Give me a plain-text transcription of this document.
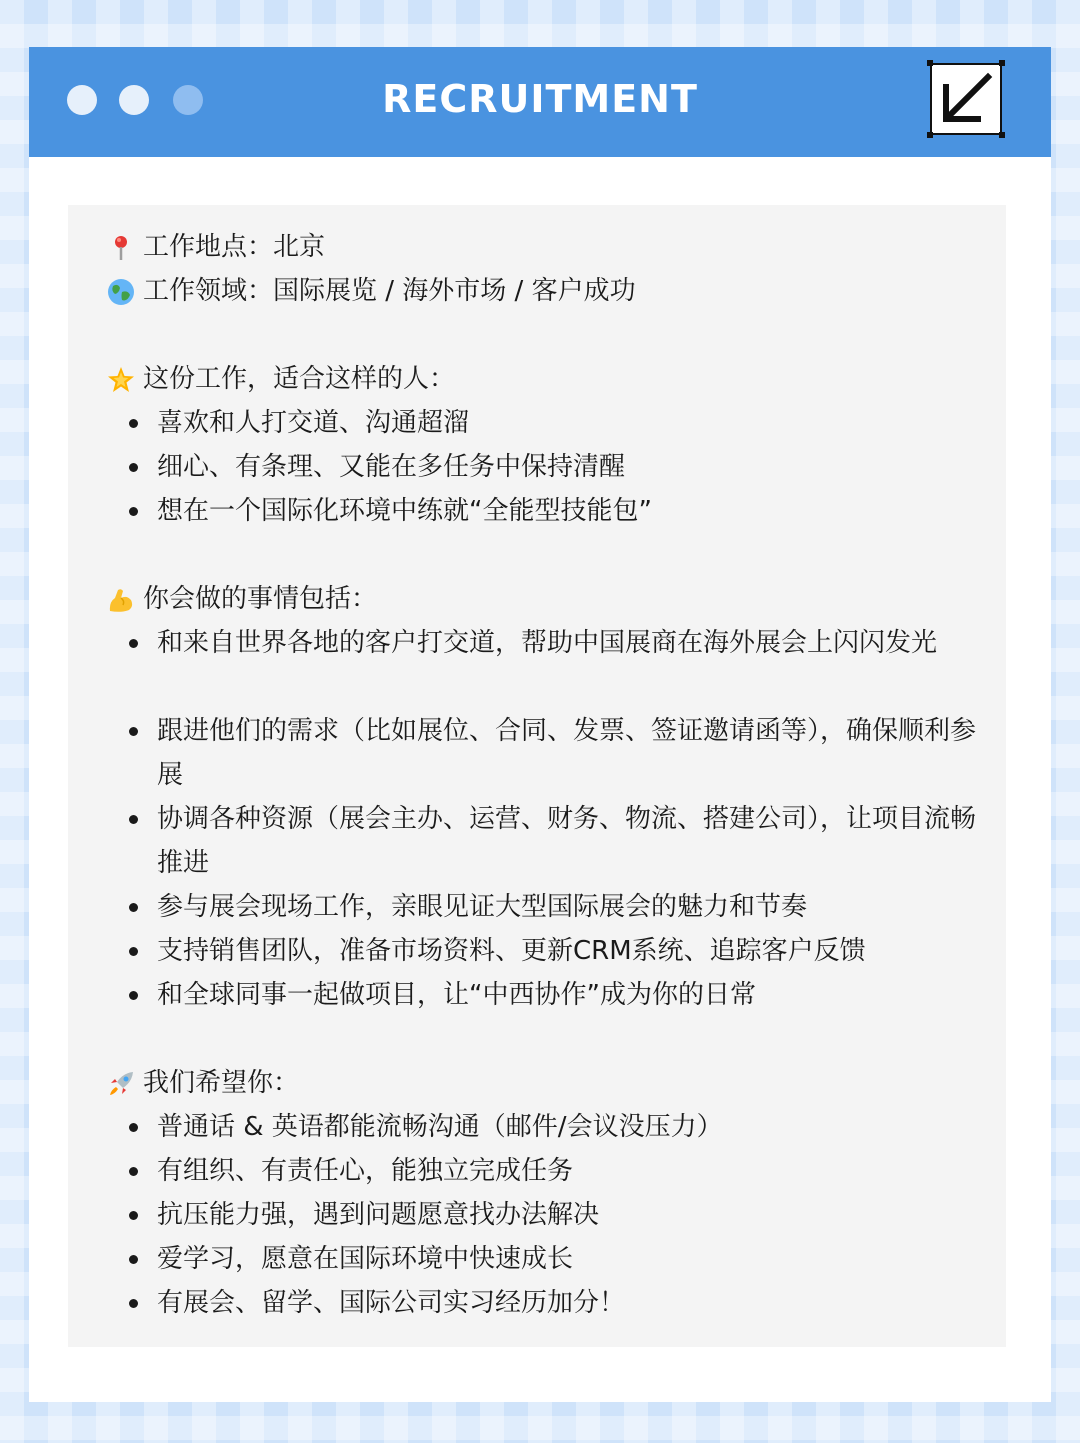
RECRUITMENT
工作地点：北京
工作领域：国际展览 / 海外市场 / 客户成功
这份工作，适合这样的人：
喜欢和人打交道、沟通超溜
细心、有条理、又能在多任务中保持清醒
想在一个国际化环境中练就“全能型技能包”
你会做的事情包括：
和来自世界各地的客户打交道，帮助中国展商在海外展会上闪闪发光
跟进他们的需求（比如展位、合同、发票、签证邀请函等），确保顺利参展
协调各种资源（展会主办、运营、财务、物流、搭建公司），让项目流畅推进
参与展会现场工作，亲眼见证大型国际展会的魅力和节奏
支持销售团队，准备市场资料、更新CRM系统、追踪客户反馈
和全球同事一起做项目，让“中西协作”成为你的日常
我们希望你：
普通话 & 英语都能流畅沟通（邮件/会议没压力）
有组织、有责任心，能独立完成任务
抗压能力强，遇到问题愿意找办法解决
爱学习，愿意在国际环境中快速成长
有展会、留学、国际公司实习经历加分！
